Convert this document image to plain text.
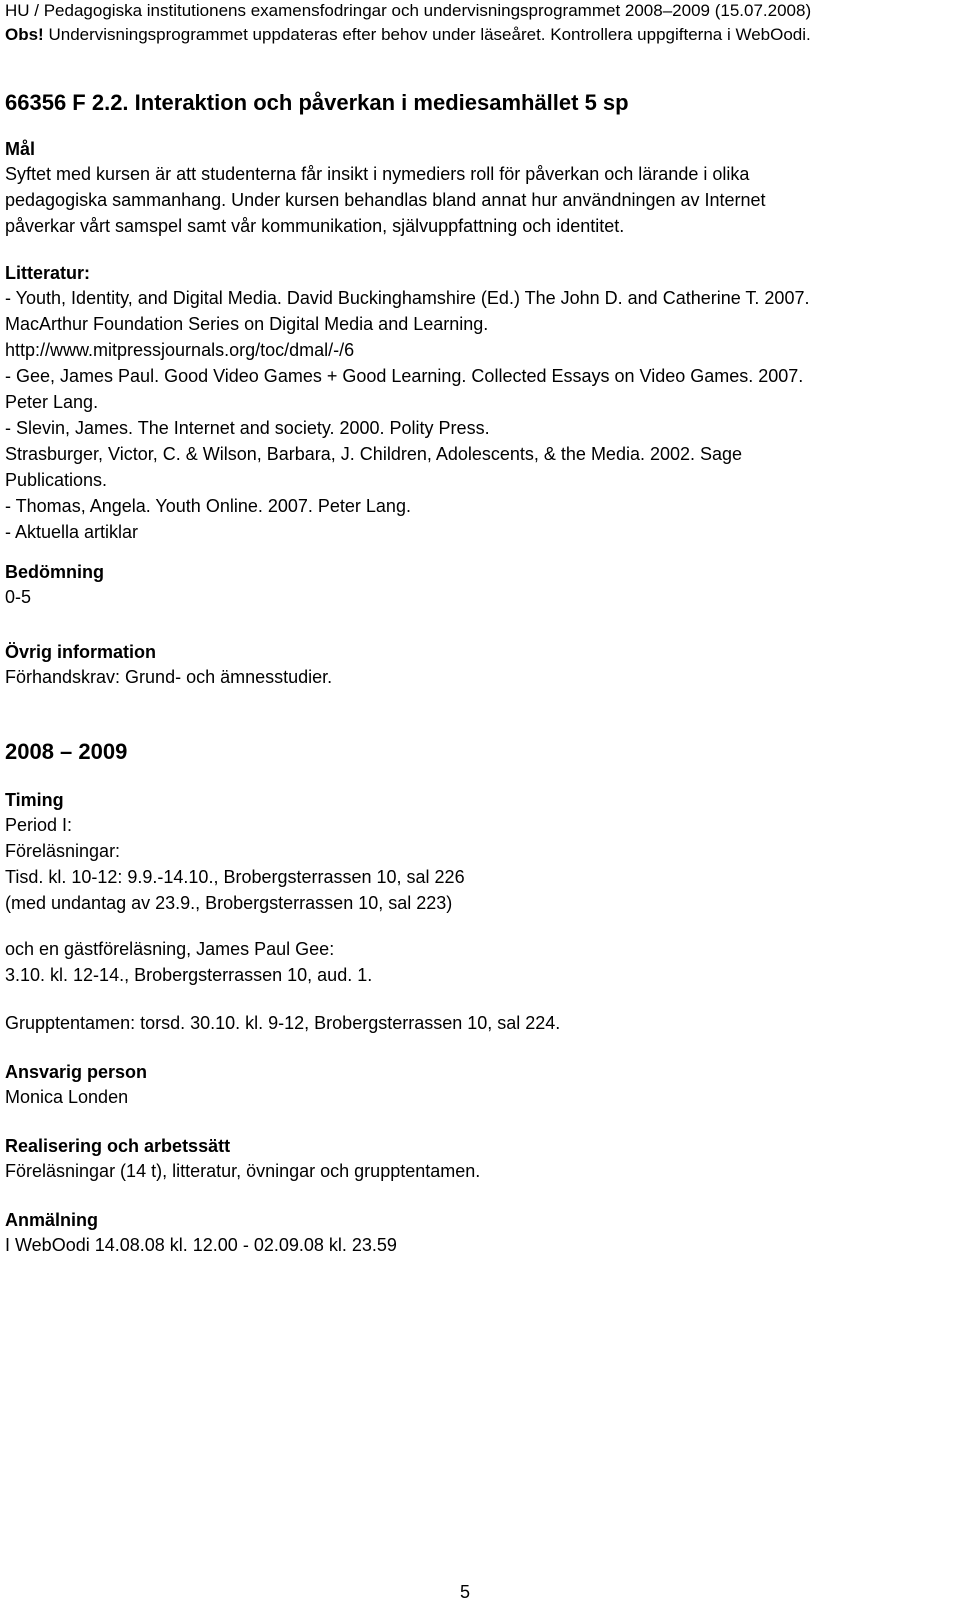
HU / Pedagogiska institutionens examensfodringar och undervisningsprogrammet 2008–2009 (15.07.2008)
Obs! Undervisningsprogrammet uppdateras efter behov under läseåret. Kontrollera uppgifterna i WebOodi.
66356 F 2.2. Interaktion och påverkan i mediesamhället 5 sp
Mål
Syftet med kursen är att studenterna får insikt i nymediers roll för påverkan och lärande i olika
pedagogiska sammanhang. Under kursen behandlas bland annat hur användningen av Internet
påverkar vårt samspel samt vår kommunikation, självuppfattning och identitet.
Litteratur:
- Youth, Identity, and Digital Media. David Buckinghamshire (Ed.) The John D. and Catherine T. 2007.
MacArthur Foundation Series on Digital Media and Learning.
http://www.mitpressjournals.org/toc/dmal/-/6
- Gee, James Paul. Good Video Games + Good Learning. Collected Essays on Video Games. 2007.
Peter Lang.
- Slevin, James. The Internet and society. 2000. Polity Press.
Strasburger, Victor, C. & Wilson, Barbara, J. Children, Adolescents, & the Media. 2002. Sage
Publications.
- Thomas, Angela. Youth Online. 2007. Peter Lang.
- Aktuella artiklar
Bedömning
0-5
Övrig information
Förhandskrav: Grund- och ämnesstudier.
2008 – 2009
Timing
Period I:
Föreläsningar:
Tisd. kl. 10-12: 9.9.-14.10., Brobergsterrassen 10, sal 226
(med undantag av 23.9., Brobergsterrassen 10, sal 223)
och en gästföreläsning, James Paul Gee:
3.10. kl. 12-14., Brobergsterrassen 10, aud. 1.
Grupptentamen: torsd. 30.10. kl. 9-12, Brobergsterrassen 10, sal 224.
Ansvarig person
Monica Londen
Realisering och arbetssätt
Föreläsningar (14 t), litteratur, övningar och grupptentamen.
Anmälning
I WebOodi 14.08.08 kl. 12.00 - 02.09.08 kl. 23.59
5
